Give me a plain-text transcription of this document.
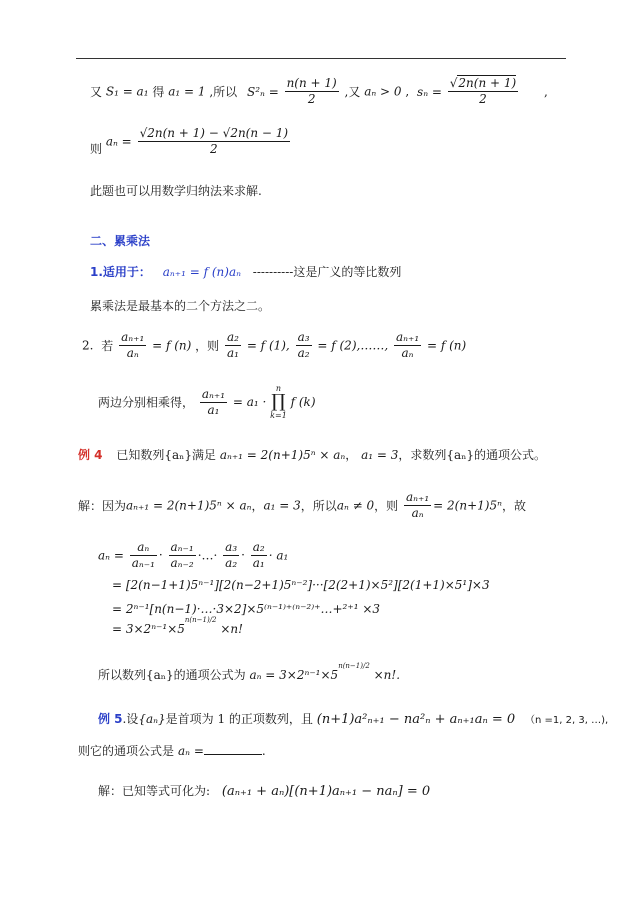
又 S₁ = a₁ 得 a₁ = 1 ,所以 $S^2_n = \frac{n(n + 1)}{2}$ ,又 aₙ > 0 , $s_n = \frac{√2n(n + 1)}{2}$ ,
则 $a_n = \frac{√2n(n + 1) - √2n(n - 1)}{2}$
此题也可以用数学归纳法来求解.
二、累乘法
1.适用于： aₙ₊₁ = f (n)aₙ ----------这是广义的等比数列
累乘法是最基本的二个方法之二。
2. 若 $\frac{\text{aₙ₊₁}}{\text{aₙ}} = f$ (n) ，则 $\frac{\text{a₂}}{\text{a₁}} = f$ (1), $\frac{\text{a₃}}{\text{a₂}} = f$ (2),……, $\frac{\text{aₙ₊₁}}{\text{aₙ}} = f$ (n)
两边分别相乘得， $\frac{\text{aₙ₊₁}}{\text{a₁}} = a_1$ ·
n
∏
k=1
f (k)
例 4 已知数列{aₙ}满足 aₙ₊₁ = 2(n+1)5ⁿ × aₙ， a₁ = 3，求数列{aₙ}的通项公式。
解：因为aₙ₊₁ = 2(n+1)5ⁿ × aₙ，a₁ = 3，所以aₙ ≠ 0，则 $\frac{\text{aₙ₊₁}}{\text{aₙ}} = 2(n+1)5^n$，故
$a_n = \frac{\text{aₙ}}{\text{aₙ₋₁}} \cdot \frac{\text{aₙ₋₁}}{\text{aₙ₋₂}}$ ·…· $\frac{\text{a₃}}{\text{a₂}} \cdot \frac{\text{a₂}}{\text{a₁}} \cdot a_1$
= [2(n−1+1)5ⁿ⁻¹][2(n−2+1)5ⁿ⁻²]···[2(2+1)×5²][2(1+1)×5¹]×3
= 2ⁿ⁻¹[n(n−1)·…·3×2]×5⁽ⁿ⁻¹⁾⁺⁽ⁿ⁻²⁾⁺…+²⁺¹ ×3
= $3\times 2^{n-1}\times 5^{n(n-1)/2} \times n$!
所以数列{aₙ}的通项公式为 $a_n = 3\times 2^{n-1}\times 5^{n(n-1)/2} \times n$!.
例 5.设{aₙ}是首项为 1 的正项数列，且 (n+1)a²ₙ₊₁ − na²ₙ + aₙ₊₁aₙ = 0 （n =1, 2, 3, …),
则它的通项公式是 aₙ =	.
解：已知等式可化为: (aₙ₊₁ + aₙ)[(n+1)aₙ₊₁ − naₙ] = 0
